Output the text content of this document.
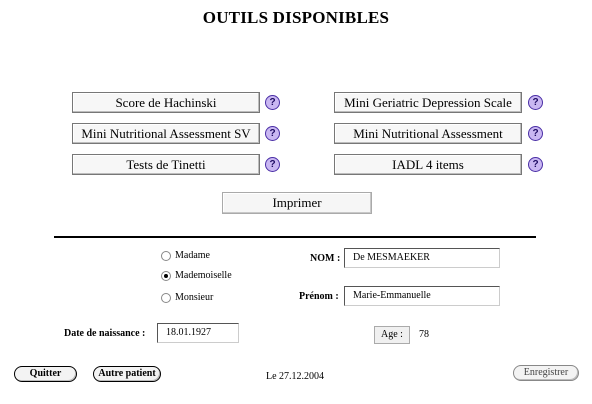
OUTILS DISPONIBLES
Score de Hachinski	?
Mini Nutritional Assessment SV	?
Tests de Tinetti	?
Mini Geriatric Depression Scale	?
Mini Nutritional Assessment	?
IADL 4 items	?
Imprimer
Madame
Mademoiselle
Monsieur
NOM :	De MESMAEKER
Prénom :	Marie-Emmanuelle
Date de naissance :	18.01.1927	Age :	78
Quitter	Autre patient	Le 27.12.2004	Enregistrer
